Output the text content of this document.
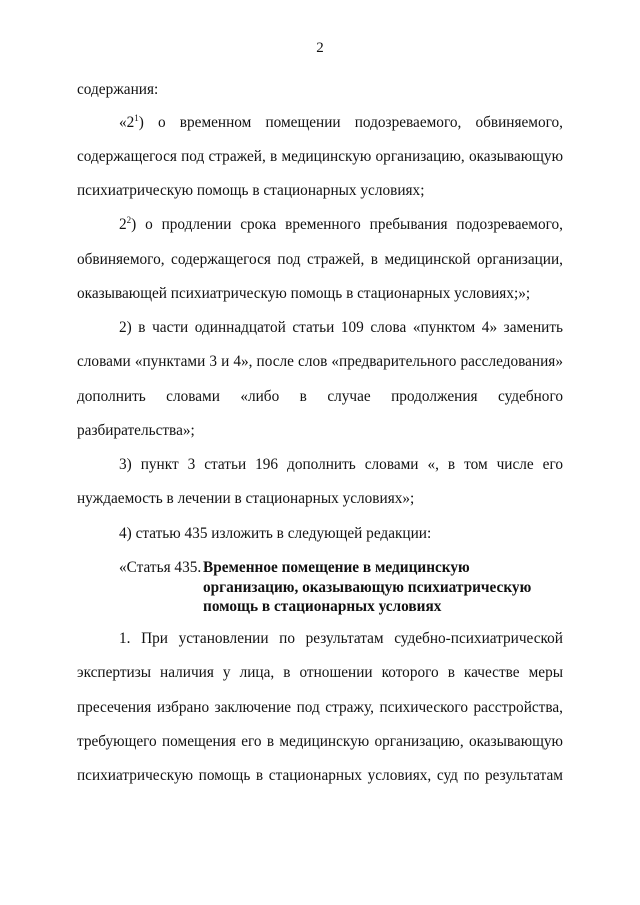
2
содержания:
«$2^1$) о временном помещении подозреваемого, обвиняемого,
содержащегося под стражей, в медицинскую организацию, оказывающую
психиатрическую помощь в стационарных условиях;
$2^2$) о продлении срока временного пребывания подозреваемого,
обвиняемого, содержащегося под стражей, в медицинской организации,
оказывающей психиатрическую помощь в стационарных условиях;»;
2) в части одиннадцатой статьи 109 слова «пунктом 4» заменить
словами «пунктами 3 и 4», после слов «предварительного расследования»
дополнить словами «либо в случае продолжения судебного
разбирательства»;
3) пункт 3 статьи 196 дополнить словами «, в том числе его
нуждаемость в лечении в стационарных условиях»;
4) статью 435 изложить в следующей редакции:
«Статья 435. Временное помещение в медицинскую
организацию, оказывающую психиатрическую
помощь в стационарных условиях
1. При установлении по результатам судебно-психиатрической
экспертизы наличия у лица, в отношении которого в качестве меры
пресечения избрано заключение под стражу, психического расстройства,
требующего помещения его в медицинскую организацию, оказывающую
психиатрическую помощь в стационарных условиях, суд по результатам
